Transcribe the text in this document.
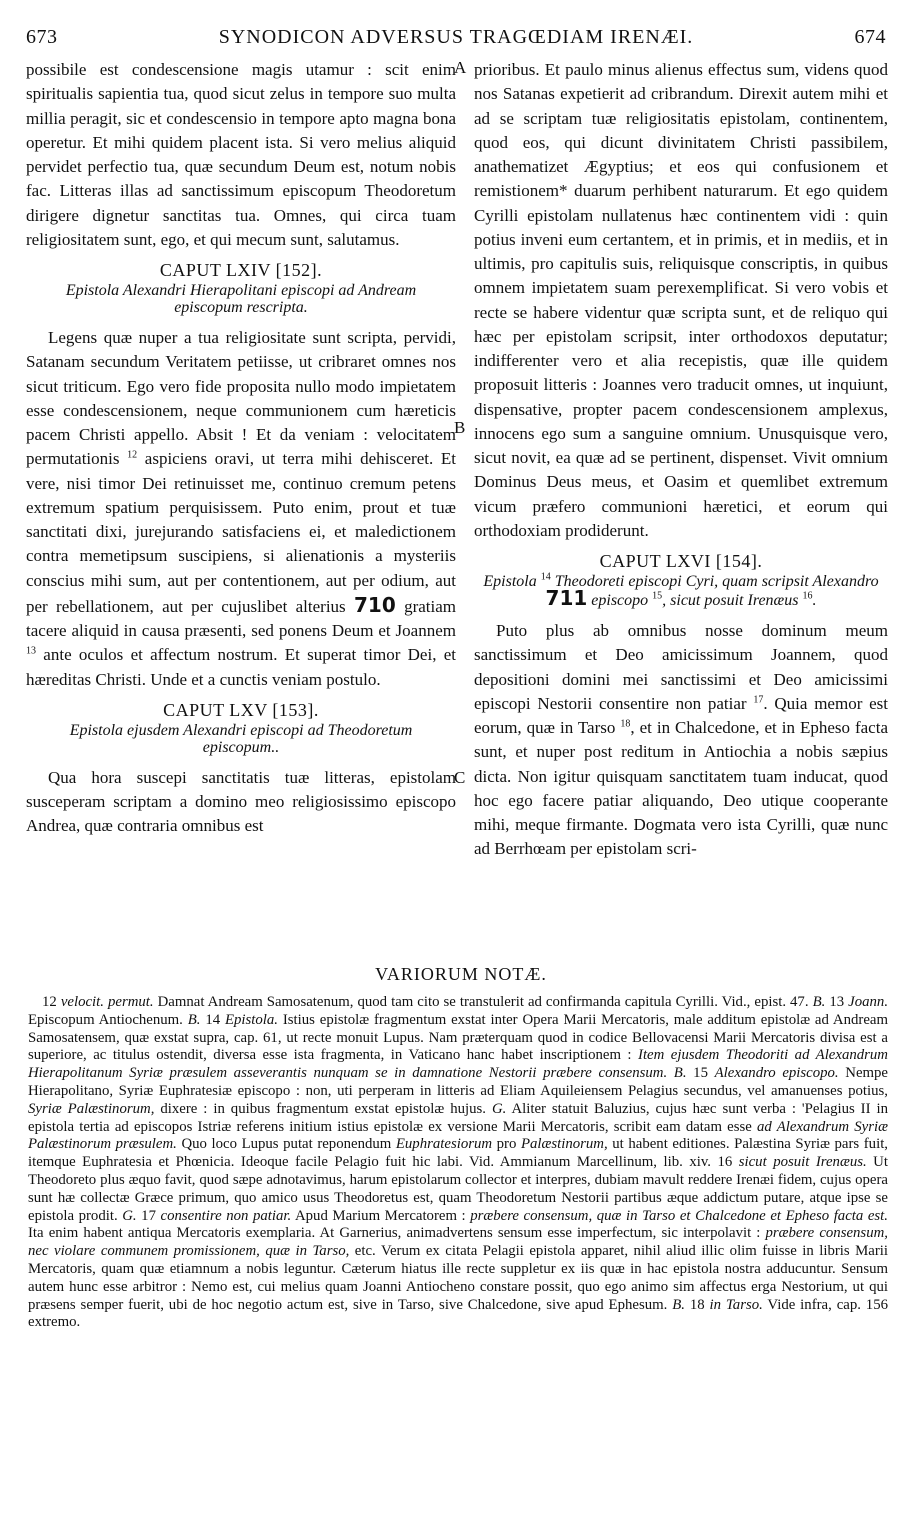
673	SYNODICON ADVERSUS TRAGŒDIAM IRENÆI.	674
A
B
C

possibile est condescensione magis utamur : scit enim spiritualis sapientia tua, quod sicut zelus in tempore suo multa millia peragit, sic et condescensio in tempore apto magna bona operetur. Et mihi quidem placent ista. Si vero melius aliquid pervidet perfectio tua, quæ secundum Deum est, notum nobis fac. Litteras illas ad sanctissimum episcopum Theodoretum dirigere dignetur sanctitas tua. Omnes, qui circa tuam religiositatem sunt, ego, et qui mecum sunt, salutamus.

CAPUT LXIV [152].
Epistola Alexandri Hierapolitani episcopi ad Andream episcopum rescripta.

Legens quæ nuper a tua religiositate sunt scripta, pervidi, Satanam secundum Veritatem petiisse, ut cribraret omnes nos sicut triticum. Ego vero fide proposita nullo modo impietatem esse condescensionem, neque communionem cum hæreticis pacem Christi appello. Absit ! Et da veniam : velocitatem permutationis $^{12}$ aspiciens oravi, ut terra mihi dehisceret. Et vere, nisi timor Dei retinuisset me, continuo cremum petens extremum spatium perquisissem. Puto enim, prout et tuæ sanctitati dixi, jurejurando satisfaciens ei, et maledictionem contra memetipsum suscipiens, si alienationis a mysteriis conscius mihi sum, aut per contentionem, aut per odium, aut per rebellationem, aut per cujuslibet alterius 710 gratiam tacere aliquid in causa præsenti, sed ponens Deum et Joannem $^{13}$ ante oculos et affectum nostrum. Et superat timor Dei, et hæreditas Christi. Unde et a cunctis veniam postulo.

CAPUT LXV [153].
Epistola ejusdem Alexandri episcopi ad Theodoretum episcopum..

Qua hora suscepi sanctitatis tuæ litteras, epistolam susceperam scriptam a domino meo religiosissimo episcopo Andrea, quæ contraria omnibus est

prioribus. Et paulo minus alienus effectus sum, videns quod nos Satanas expetierit ad cribrandum. Direxit autem mihi et ad se scriptam tuæ religiositatis epistolam, continentem, quod eos, qui dicunt divinitatem Christi passibilem, anathematizet Ægyptius; et eos qui confusionem et remistionem* duarum perhibent naturarum. Et ego quidem Cyrilli epistolam nullatenus hæc continentem vidi : quin potius inveni eum certantem, et in primis, et in mediis, et in ultimis, pro capitulis suis, reliquisque conscriptis, in quibus omnem impietatem suam perexemplificat. Si vero vobis et recte se habere videntur quæ scripta sunt, et de reliquo qui hæc per epistolam scripsit, inter orthodoxos deputatur; indifferenter vero et alia recepistis, quæ ille quidem proposuit litteris : Joannes vero traducit omnes, ut inquiunt, dispensative, propter pacem condescensionem amplexus, innocens ego sum a sanguine omnium. Unusquisque vero, sicut novit, ea quæ ad se pertinent, dispenset. Vivit omnium Dominus Deus meus, et Oasim et quemlibet extremum vicum præfero communioni hæretici, et eorum qui orthodoxiam prodiderunt.

CAPUT LXVI [154].
Epistola $^{14}$ Theodoreti episcopi Cyri, quam scripsit Alexandro 711 episcopo $^{15}$, sicut posuit Irenæus $^{16}$.

Puto plus ab omnibus nosse dominum meum sanctissimum et Deo amicissimum Joannem, quod depositioni domini mei sanctissimi et Deo amicissimi episcopi Nestorii consentire non patiar $^{17}$. Quia memor est eorum, quæ in Tarso $^{18}$, et in Chalcedone, et in Epheso facta sunt, et nuper post reditum in Antiochia a nobis sæpius dicta. Non igitur quisquam sanctitatem tuam inducat, quod hoc ego facere patiar aliquando, Deo utique cooperante mihi, meque firmante. Dogmata vero ista Cyrilli, quæ nunc ad Berrhœam per epistolam scri-

VARIORUM NOTÆ.

12 velocit. permut. Damnat Andream Samosatenum, quod tam cito se transtulerit ad confirmanda capitula Cyrilli. Vid., epist. 47. B. 13 Joann. Episcopum Antiochenum. B. 14 Epistola. Istius epistolæ fragmentum exstat inter Opera Marii Mercatoris, male additum epistolæ ad Andream Samosatensem, quæ exstat supra, cap. 61, ut recte monuit Lupus. Nam præterquam quod in codice Bellovacensi Marii Mercatoris divisa est a superiore, ac titulus ostendit, diversa esse ista fragmenta, in Vaticano hanc habet inscriptionem : Item ejusdem Theodoriti ad Alexandrum Hierapolitanum Syriæ præsulem asseverantis nunquam se in damnatione Nestorii præbere consensum. B. 15 Alexandro episcopo. Nempe Hierapolitano, Syriæ Euphratesiæ episcopo : non, uti perperam in litteris ad Eliam Aquileiensem Pelagius secundus, vel amanuenses potius, Syriæ Palæstinorum, dixere : in quibus fragmentum exstat epistolæ hujus. G. Aliter statuit Baluzius, cujus hæc sunt verba : 'Pelagius II in epistola tertia ad episcopos Istriæ referens initium istius epistolæ ex versione Marii Mercatoris, scribit eam datam esse ad Alexandrum Syriæ Palæstinorum præsulem. Quo loco Lupus putat reponendum Euphratesiorum pro Palæstinorum, ut habent editiones. Palæstina Syriæ pars fuit, itemque Euphratesia et Phœnicia. Ideoque facile Pelagio fuit hic labi. Vid. Ammianum Marcellinum, lib. xiv. 16 sicut posuit Irenæus. Ut Theodoreto plus æquo favit, quod sæpe adnotavimus, harum epistolarum collector et interpres, dubiam mavult reddere Irenæi fidem, cujus opera sunt hæ collectæ Græce primum, quo amico usus Theodoretus est, quam Theodoretum Nestorii partibus æque addictum putare, atque ipse se epistola prodit. G. 17 consentire non patiar. Apud Marium Mercatorem : præbere consensum, quæ in Tarso et Chalcedone et Epheso facta est. Ita enim habent antiqua Mercatoris exemplaria. At Garnerius, animadvertens sensum esse imperfectum, sic interpolavit : præbere consensum, nec violare communem promissionem, quæ in Tarso, etc. Verum ex citata Pelagii epistola apparet, nihil aliud illic olim fuisse in libris Marii Mercatoris, quam quæ etiamnum a nobis leguntur. Cæterum hiatus ille recte suppletur ex iis quæ in hac epistola nostra adducuntur. Sensum autem hunc esse arbitror : Nemo est, cui melius quam Joanni Antiocheno constare possit, quo ego animo sim affectus erga Nestorium, ut qui præsens semper fuerit, ubi de hoc negotio actum est, sive in Tarso, sive Chalcedone, sive apud Ephesum. B. 18 in Tarso. Vide infra, cap. 156 extremo.
